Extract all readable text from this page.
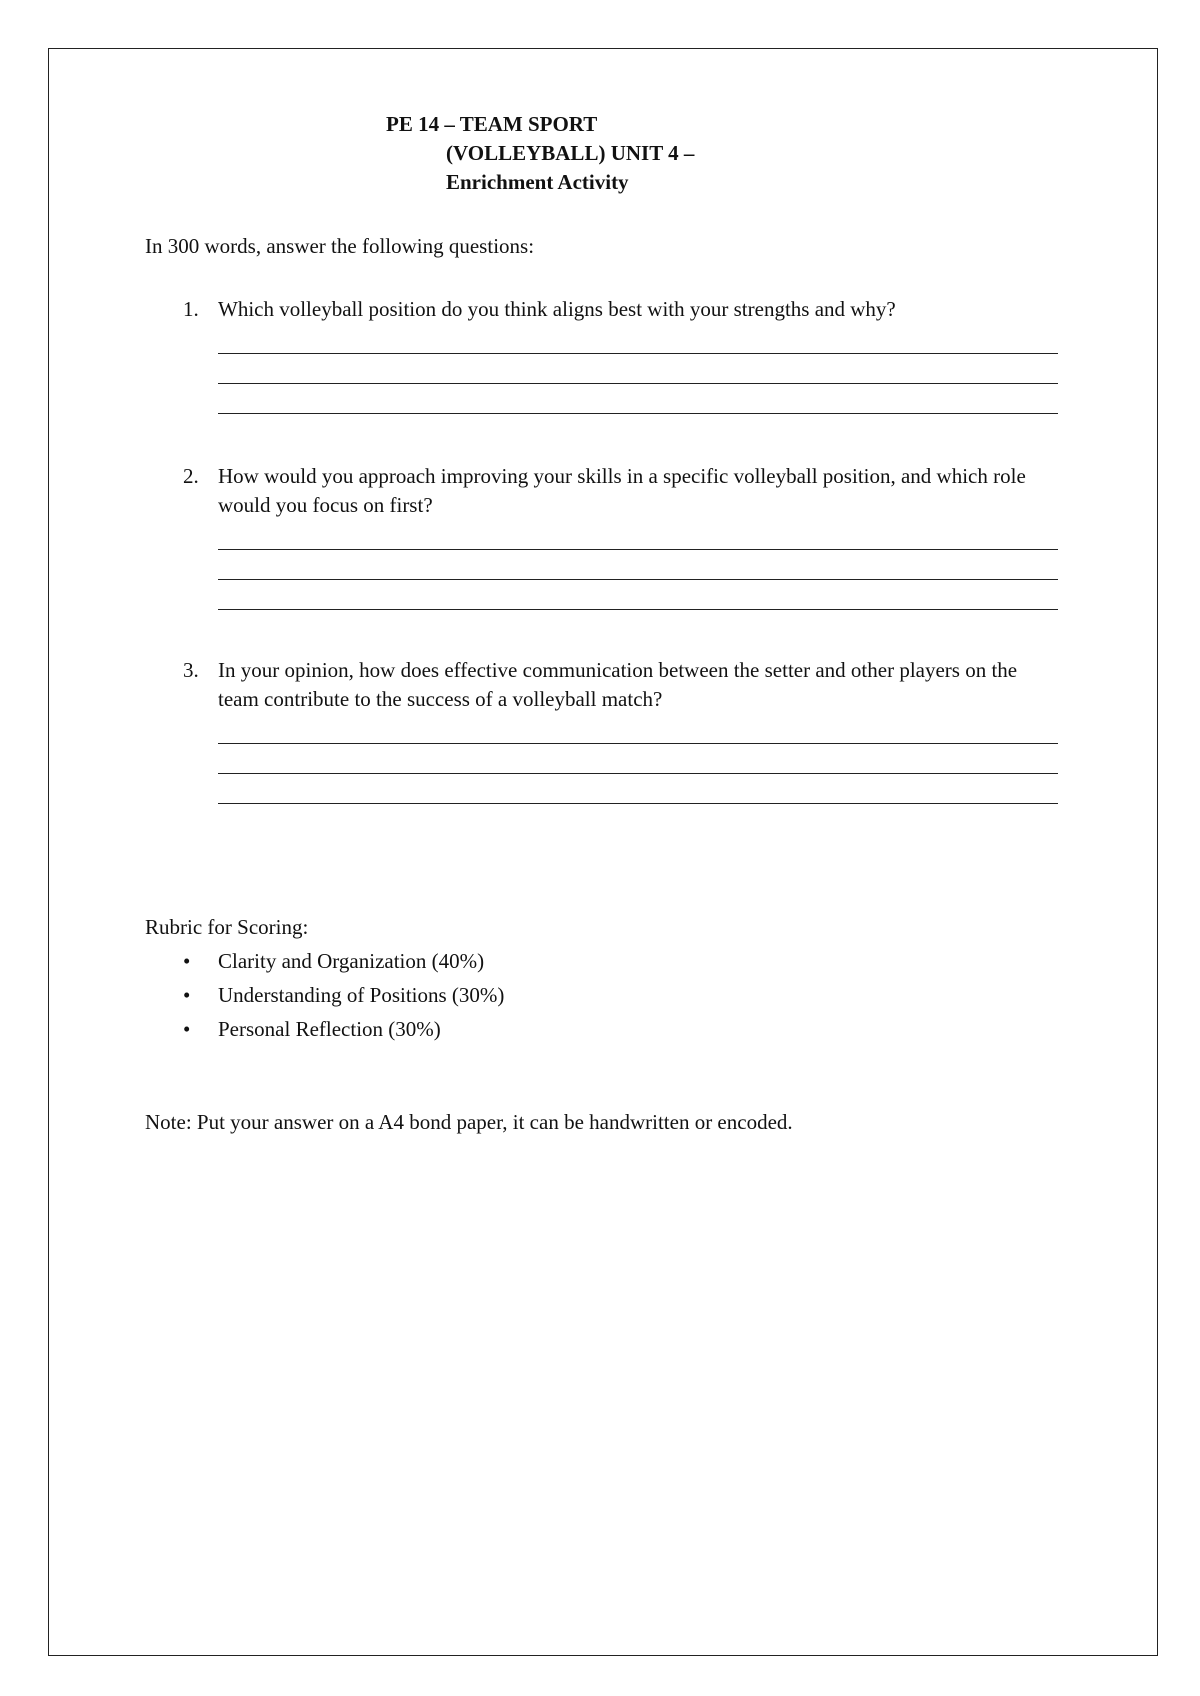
PE 14 – TEAM SPORT
(VOLLEYBALL) UNIT 4 –
Enrichment Activity
In 300 words, answer the following questions:
1. Which volleyball position do you think aligns best with your strengths and why?
2. How would you approach improving your skills in a specific volleyball position, and which role would you focus on first?
3. In your opinion, how does effective communication between the setter and other players on the team contribute to the success of a volleyball match?
Rubric for Scoring:
• Clarity and Organization (40%)
• Understanding of Positions (30%)
• Personal Reflection (30%)
Note: Put your answer on a A4 bond paper, it can be handwritten or encoded.
